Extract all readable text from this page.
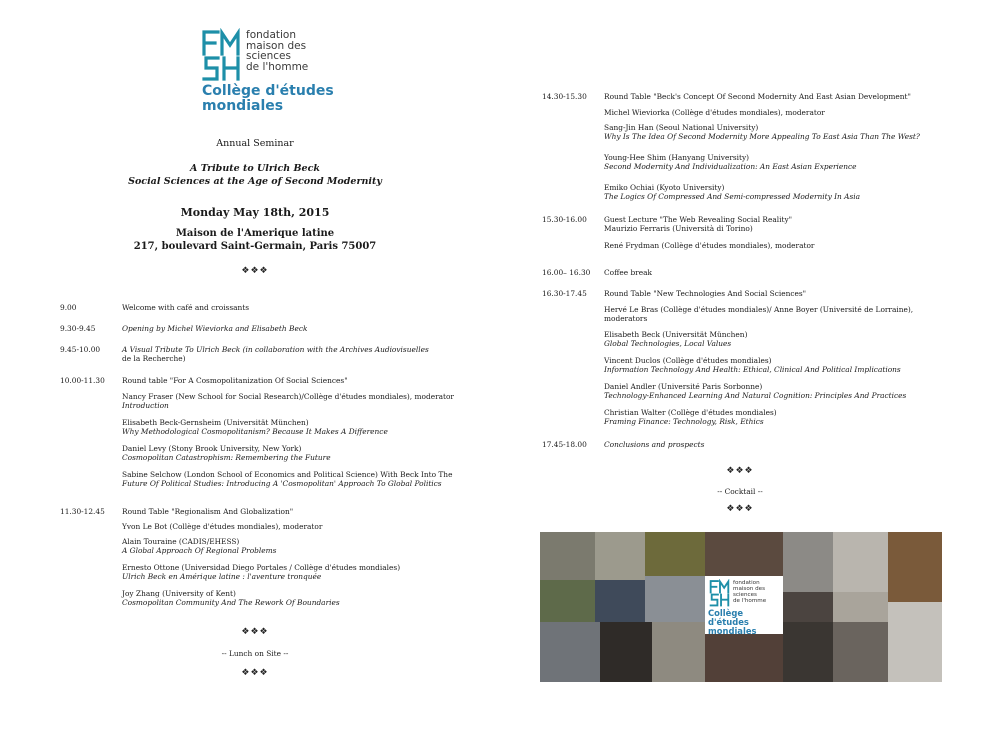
fondation
maison des
sciences
de l'homme
Collège d'études
mondiales
Annual Seminar
A Tribute to Ulrich Beck
Social Sciences at the Age of Second Modernity
Monday May 18th, 2015
Maison de l'Amerique latine
217, boulevard Saint-Germain, Paris 75007
❖❖❖
9.00	Welcome with café and croissants
9.30-9.45	Opening by Michel Wieviorka and Elisabeth Beck
9.45-10.00	A Visual Tribute To Ulrich Beck (in collaboration with the Archives Audiovisuelles
de la Recherche)
10.00-11.30	Round table "For A Cosmopolitanization Of Social Sciences"
Nancy Fraser (New School for Social Research)/Collège d'études mondiales), moderator
Introduction
Elisabeth Beck-Gernsheim (Universität München)
Why Methodological Cosmopolitanism? Because It Makes A Difference
Daniel Levy (Stony Brook University, New York)
Cosmopolitan Catastrophism: Remembering the Future
Sabine Selchow (London School of Economics and Political Science) With Beck Into The
Future Of Political Studies: Introducing A 'Cosmopolitan' Approach To Global Politics
11.30-12.45	Round Table "Regionalism And Globalization"
Yvon Le Bot (Collège d'études mondiales), moderator
Alain Touraine (CADIS/EHESS)
A Global Approach Of Regional Problems
Ernesto Ottone (Universidad Diego Portales / Collège d'études mondiales)
Ulrich Beck en Amérique latine : l'aventure tronquée
Joy Zhang (University of Kent)
Cosmopolitan Community And The Rework Of Boundaries
❖❖❖
-- Lunch on Site --
❖❖❖
14.30-15.30	Round Table "Beck's Concept Of Second Modernity And East Asian Development"
Michel Wieviorka (Collège d'études mondiales), moderator
Sang-Jin Han (Seoul National University)
Why Is The Idea Of Second Modernity More Appealing To East Asia Than The West?
Young-Hee Shim (Hanyang University)
Second Modernity And Individualization: An East Asian Experience
Emiko Ochiai (Kyoto University)
The Logics Of Compressed And Semi-compressed Modernity In Asia
15.30-16.00	Guest Lecture "The Web Revealing Social Reality"
Maurizio Ferraris (Università di Torino)
René Frydman (Collège d'études mondiales), moderator
16.00– 16.30	Coffee break
16.30-17.45	Round Table "New Technologies And Social Sciences"
Hervé Le Bras (Collège d'études mondiales)/ Anne Boyer (Université de Lorraine),
moderators
Elisabeth Beck (Universität München)
Global Technologies, Local Values
Vincent Duclos (Collège d'études mondiales)
Information Technology And Health: Ethical, Clinical And Political Implications
Daniel Andler (Université Paris Sorbonne)
Technology-Enhanced Learning And Natural Cognition: Principles And Practices
Christian Walter (Collège d'études mondiales)
Framing Finance: Technology, Risk, Ethics
17.45-18.00	Conclusions and prospects
❖❖❖
-- Cocktail --
❖❖❖
fondation
maison des
sciences
de l'homme
Collège d'études
mondiales
